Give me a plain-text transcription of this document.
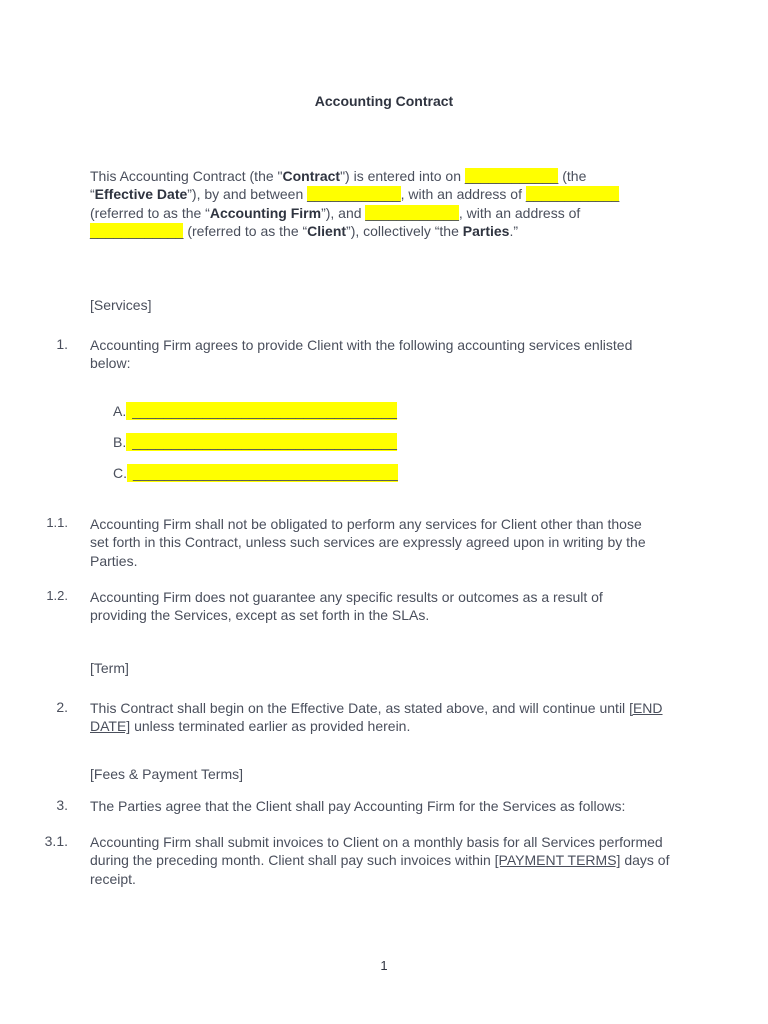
Accounting Contract
This Accounting Contract (the "Contract") is entered into on ____________ (the
“Effective Date”), by and between ____________, with an address of ____________
(referred to as the “Accounting Firm”), and ____________, with an address of
____________ (referred to as the “Client”), collectively “the Parties.”
[Services]
1. Accounting Firm agrees to provide Client with the following accounting services enlisted below:
A. __________________________________
B. __________________________________
C. __________________________________
1.1. Accounting Firm shall not be obligated to perform any services for Client other than those set forth in this Contract, unless such services are expressly agreed upon in writing by the Parties.
1.2. Accounting Firm does not guarantee any specific results or outcomes as a result of providing the Services, except as set forth in the SLAs.
[Term]
2. This Contract shall begin on the Effective Date, as stated above, and will continue until [END DATE] unless terminated earlier as provided herein.
[Fees & Payment Terms]
3. The Parties agree that the Client shall pay Accounting Firm for the Services as follows:
3.1. Accounting Firm shall submit invoices to Client on a monthly basis for all Services performed during the preceding month. Client shall pay such invoices within [PAYMENT TERMS] days of receipt.
1
